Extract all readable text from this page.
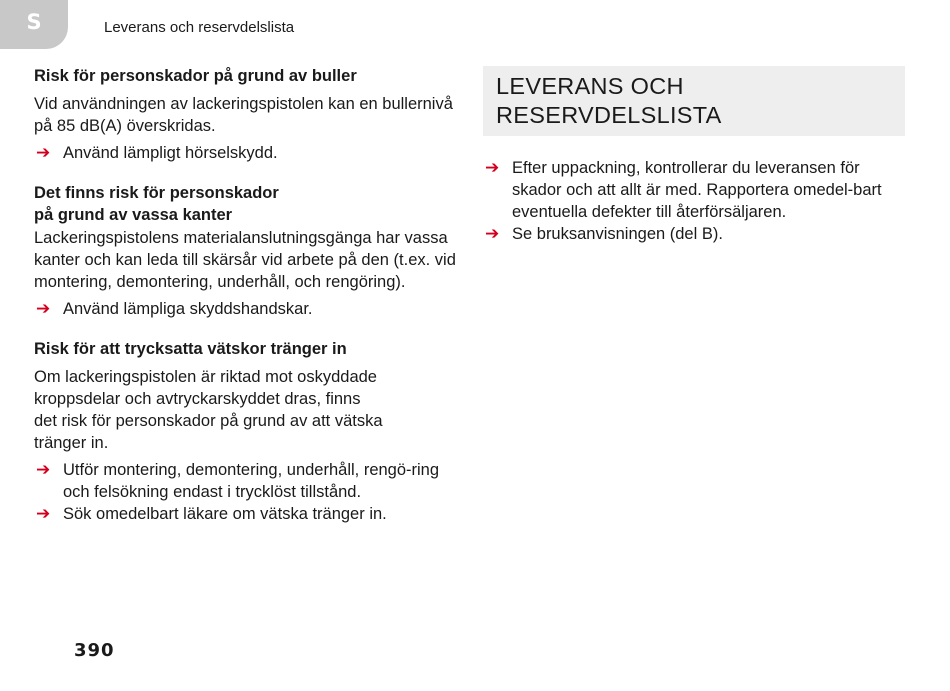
S	Leverans och reservdelslista

Risk för personskador på grund av buller

Vid användningen av lackeringspistolen kan en bullernivå på 85 dB(A) överskridas.

➔ Använd lämpligt hörselskydd.

Det finns risk för personskador
på grund av vassa kanter

Lackeringspistolens materialanslutningsgänga har vassa kanter och kan leda till skärsår vid arbete på den (t.ex. vid montering, demontering, underhåll, och rengöring).

➔ Använd lämpliga skyddshandskar.

Risk för att trycksatta vätskor tränger in

Om lackeringspistolen är riktad mot oskyddade
kroppsdelar och avtryckarskyddet dras, finns
det risk för personskador på grund av att vätska
tränger in.

➔ Utför montering, demontering, underhåll, rengö-ring och felsökning endast i trycklöst tillstånd.
➔ Sök omedelbart läkare om vätska tränger in.
LEVERANS OCH
RESERVDELSLISTA
➔ Efter uppackning, kontrollerar du leveransen för skador och att allt är med. Rapportera omedel-bart eventuella defekter till återförsäljaren.
➔ Se bruksanvisningen (del B).
390
